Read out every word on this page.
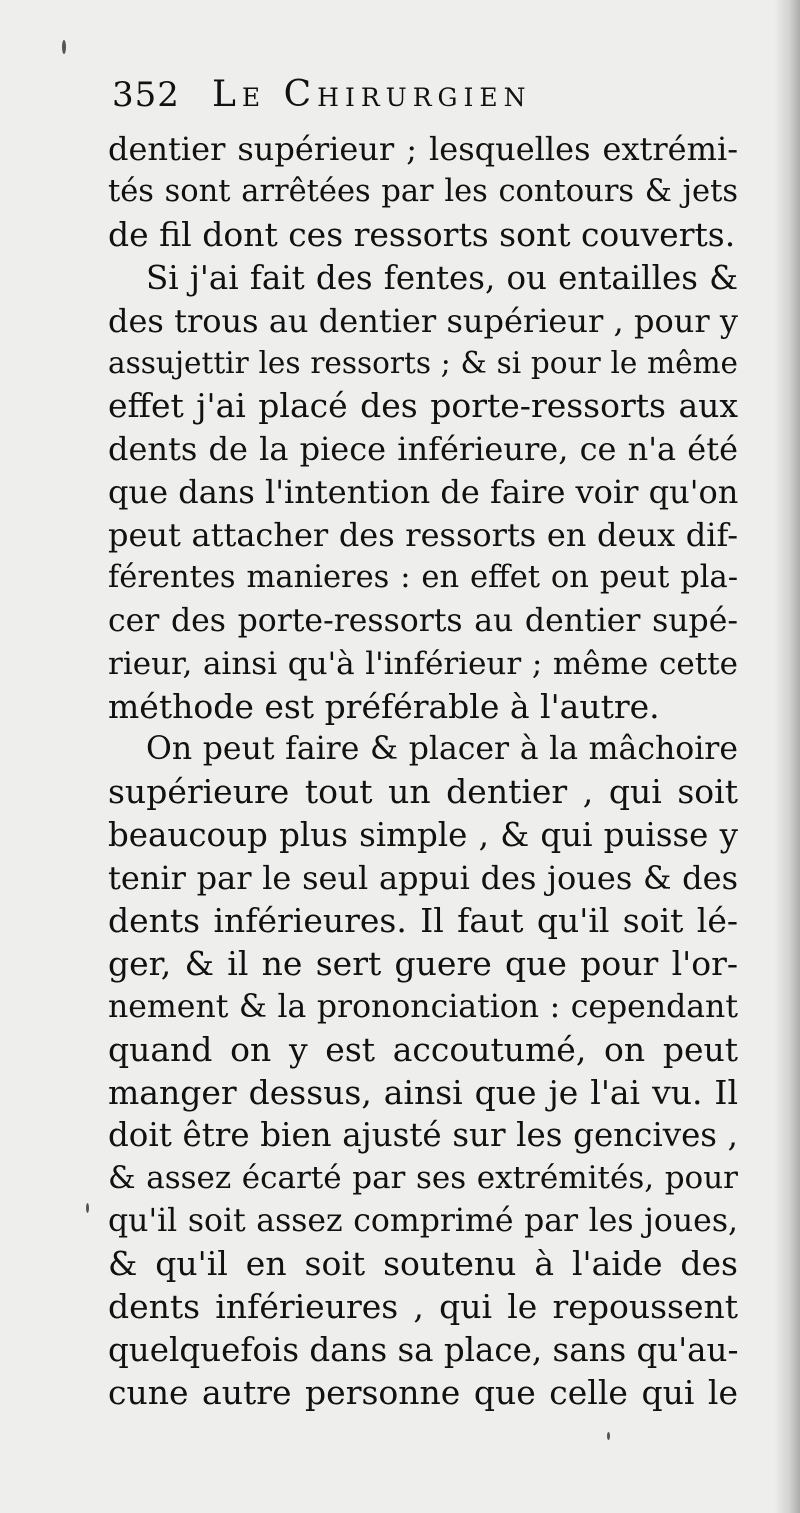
352 Le Chirurgien
dentier supérieur ; lesquelles extrémi-
tés sont arrêtées par les contours & jets
de fil dont ces ressorts sont couverts.
Si j'ai fait des fentes, ou entailles &
des trous au dentier supérieur , pour y
assujettir les ressorts ; & si pour le même
effet j'ai placé des porte-ressorts aux
dents de la piece inférieure, ce n'a été
que dans l'intention de faire voir qu'on
peut attacher des ressorts en deux dif-
férentes manieres : en effet on peut pla-
cer des porte-ressorts au dentier supé-
rieur, ainsi qu'à l'inférieur ; même cette
méthode est préférable à l'autre.
On peut faire & placer à la mâchoire
supérieure tout un dentier , qui soit
beaucoup plus simple , & qui puisse y
tenir par le seul appui des joues & des
dents inférieures. Il faut qu'il soit lé-
ger, & il ne sert guere que pour l'or-
nement & la prononciation : cependant
quand on y est accoutumé, on peut
manger dessus, ainsi que je l'ai vu. Il
doit être bien ajusté sur les gencives ,
& assez écarté par ses extrémités, pour
qu'il soit assez comprimé par les joues,
& qu'il en soit soutenu à l'aide des
dents inférieures , qui le repoussent
quelquefois dans sa place, sans qu'au-
cune autre personne que celle qui le
